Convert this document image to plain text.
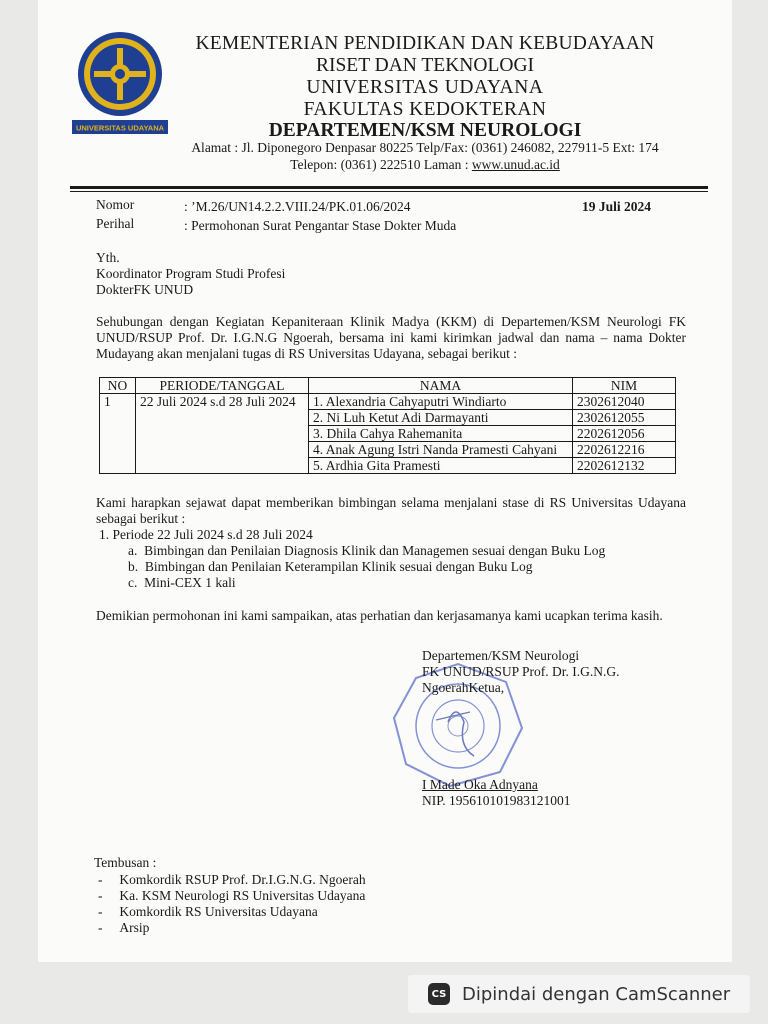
UNIVERSITAS UDAYANA
KEMENTERIAN PENDIDIKAN DAN KEBUDAYAAN
RISET DAN TEKNOLOGI
UNIVERSITAS UDAYANA
FAKULTAS KEDOKTERAN
DEPARTEMEN/KSM NEUROLOGI
Alamat : Jl. Diponegoro Denpasar 80225 Telp/Fax: (0361) 246082, 227911-5 Ext: 174
Telepon: (0361) 222510 Laman : www.unud.ac.id
Nomor	: ’M.26/UN14.2.2.VIII.24/PK.01.06/2024	19 Juli 2024
Perihal	: Permohonan Surat Pengantar Stase Dokter Muda
Yth.
Koordinator Program Studi Profesi
DokterFK UNUD
Sehubungan dengan Kegiatan Kepaniteraan Klinik Madya (KKM) di Departemen/KSM Neurologi FK UNUD/RSUP Prof. Dr. I.G.N.G Ngoerah, bersama ini kami kirimkan jadwal dan nama – nama Dokter Mudayang akan menjalani tugas di RS Universitas Udayana, sebagai berikut :
NO	PERIODE/TANGGAL	NAMA	NIM
1	22 Juli 2024 s.d 28 Juli 2024	1. Alexandria Cahyaputri Windiarto	2302612040
		2. Ni Luh Ketut Adi Darmayanti	2302612055
		3. Dhila Cahya Rahemanita	2202612056
		4. Anak Agung Istri Nanda Pramesti Cahyani	2202612216
		5. Ardhia Gita Pramesti	2202612132
Kami harapkan sejawat dapat memberikan bimbingan selama menjalani stase di RS Universitas Udayana sebagai berikut :
1. Periode 22 Juli 2024 s.d 28 Juli 2024
a.  Bimbingan dan Penilaian Diagnosis Klinik dan Managemen sesuai dengan Buku Log
b.  Bimbingan dan Penilaian Keterampilan Klinik sesuai dengan Buku Log
c.  Mini-CEX 1 kali
Demikian permohonan ini kami sampaikan, atas perhatian dan kerjasamanya kami ucapkan terima kasih.
Departemen/KSM Neurologi
FK UNUD/RSUP Prof. Dr. I.G.N.G.
NgoerahKetua,
I Made Oka Adnyana
NIP. 195610101983121001
Tembusan :
-     Komkordik RSUP Prof. Dr.I.G.N.G. Ngoerah
-     Ka. KSM Neurologi RS Universitas Udayana
-     Komkordik RS Universitas Udayana
-     Arsip
CS Dipindai dengan CamScanner
